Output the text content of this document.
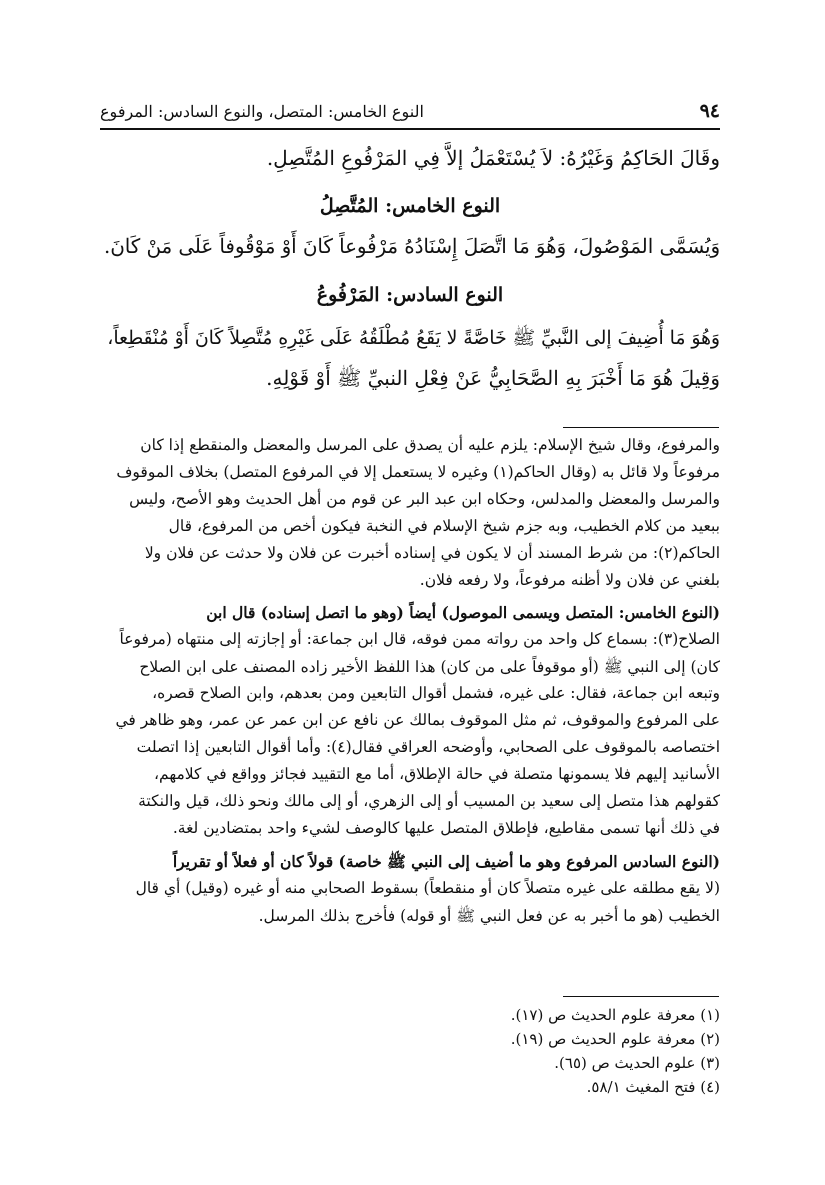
٩٤
النوع الخامس: المتصل، والنوع السادس: المرفوع
وقَالَ الحَاكِمُ وَغَيْرُهُ: لاَ يُسْتَعْمَلُ إلاَّ فِي المَرْفُوعِ المُتَّصِلِ.
النوع الخامس: المُتَّصِلُ
وَيُسَمَّى المَوْصُولَ، وَهُوَ مَا اتَّصَلَ إِسْنَادُهُ مَرْفُوعاً كَانَ أَوْ مَوْقُوفاً عَلَى مَنْ كَانَ.
النوع السادس: المَرْفُوعُ
وَهُوَ مَا أُضِيفَ إلى النَّبيِّ ﷺ خَاصَّةً لا يَقَعُ مُطْلَقُهُ عَلَى غَيْرِهِ مُتَّصِلاً كَانَ أَوْ مُنْقَطِعاً،
وَقِيلَ هُوَ مَا أَخْبَرَ بِهِ الصَّحَابِيُّ عَنْ فِعْلِ النبيِّ ﷺ أَوْ قَوْلِهِ.
والمرفوع، وقال شيخ الإسلام: يلزم عليه أن يصدق على المرسل والمعضل والمنقطع إذا كان
مرفوعاً ولا قائل به (وقال الحاكم(١) وغيره لا يستعمل إلا في المرفوع المتصل) بخلاف الموقوف
والمرسل والمعضل والمدلس، وحكاه ابن عبد البر عن قوم من أهل الحديث وهو الأصح، وليس
ببعيد من كلام الخطيب، وبه جزم شيخ الإسلام في النخبة فيكون أخص من المرفوع، قال
الحاكم(٢): من شرط المسند أن لا يكون في إسناده أخبرت عن فلان ولا حدثت عن فلان ولا
بلغني عن فلان ولا أظنه مرفوعاً، ولا رفعه فلان.
(النوع الخامس: المتصل ويسمى الموصول) أيضاً (وهو ما اتصل إسناده) قال ابن
الصلاح(٣): بسماع كل واحد من رواته ممن فوقه، قال ابن جماعة: أو إجازته إلى منتهاه (مرفوعاً
كان) إلى النبي ﷺ (أو موقوفاً على من كان) هذا اللفظ الأخير زاده المصنف على ابن الصلاح
وتبعه ابن جماعة، فقال: على غيره، فشمل أقوال التابعين ومن بعدهم، وابن الصلاح قصره،
على المرفوع والموقوف، ثم مثل الموقوف بمالك عن نافع عن ابن عمر عن عمر، وهو ظاهر في
اختصاصه بالموقوف على الصحابي، وأوضحه العراقي فقال(٤): وأما أقوال التابعين إذا اتصلت
الأسانيد إليهم فلا يسمونها متصلة في حالة الإطلاق، أما مع التقييد فجائز وواقع في كلامهم،
كقولهم هذا متصل إلى سعيد بن المسيب أو إلى الزهري، أو إلى مالك ونحو ذلك، قيل والنكتة
في ذلك أنها تسمى مقاطيع، فإطلاق المتصل عليها كالوصف لشيء واحد بمتضادين لغة.
(النوع السادس المرفوع وهو ما أضيف إلى النبي ﷺ خاصة) قولاً كان أو فعلاً أو تقريراً
(لا يقع مطلقه على غيره متصلاً كان أو منقطعاً) بسقوط الصحابي منه أو غيره (وقيل) أي قال
الخطيب (هو ما أخبر به عن فعل النبي ﷺ أو قوله) فأخرج بذلك المرسل.
(١) معرفة علوم الحديث ص (١٧).
(٢) معرفة علوم الحديث ص (١٩).
(٣) علوم الحديث ص (٦٥).
(٤) فتح المغيث ٥٨/١.
